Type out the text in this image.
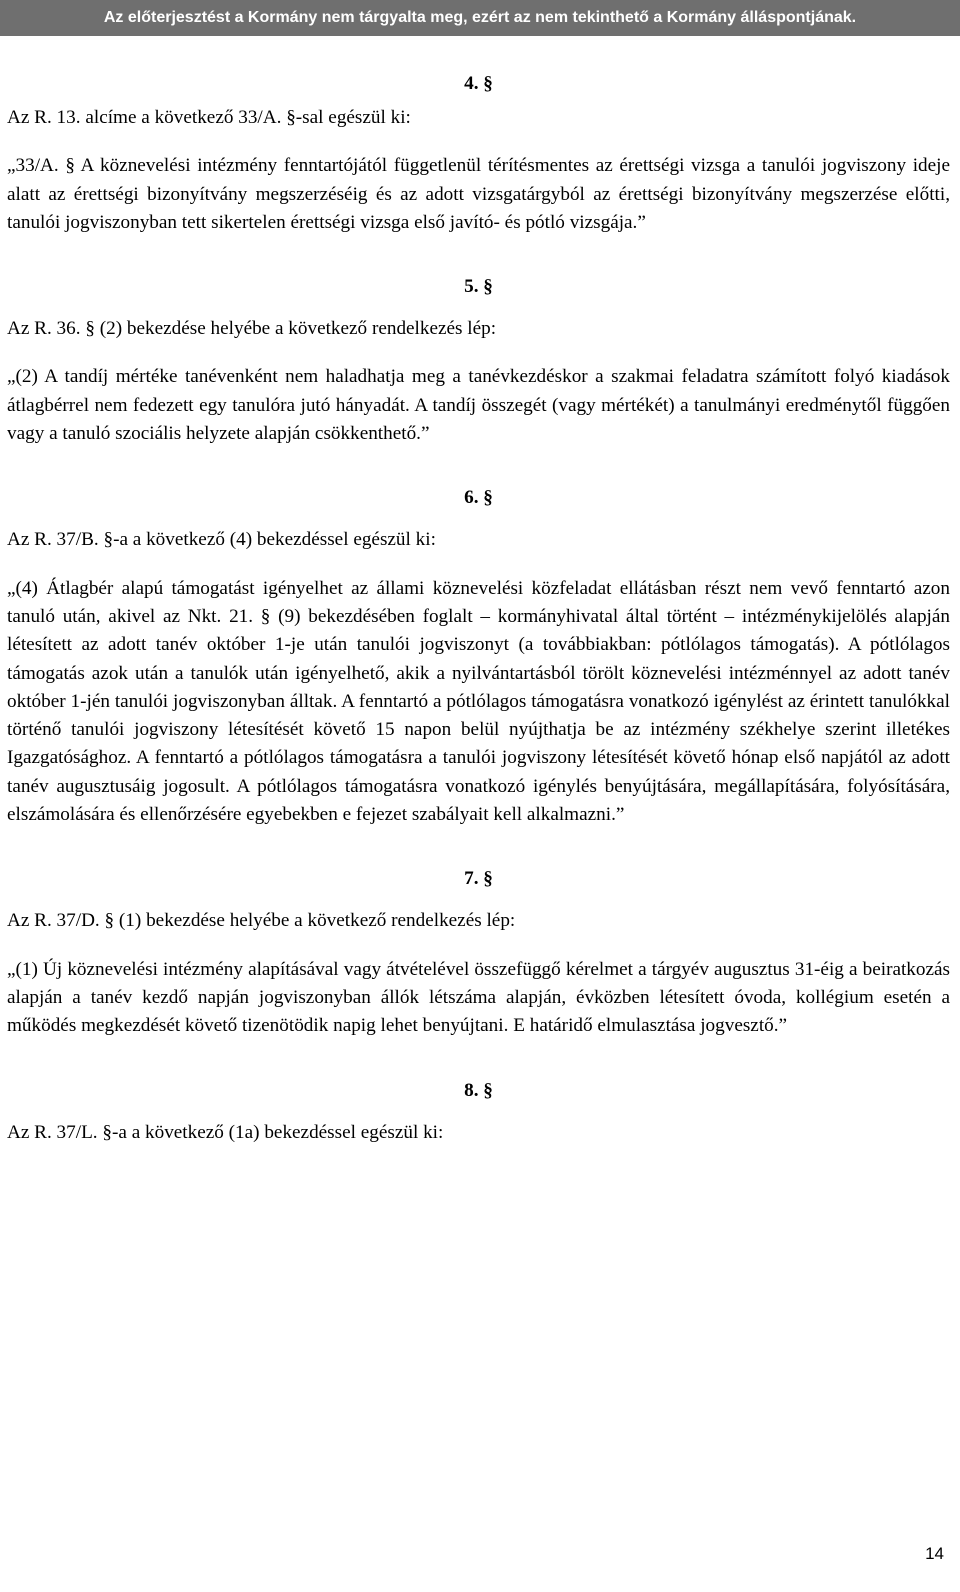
Az előterjesztést a Kormány nem tárgyalta meg, ezért az nem tekinthető a Kormány álláspontjának.
4. §

Az R. 13. alcíme a következő 33/A. §-sal egészül ki:

„33/A. § A köznevelési intézmény fenntartójától függetlenül térítésmentes az érettségi vizsga a tanulói jogviszony ideje alatt az érettségi bizonyítvány megszerzéséig és az adott vizsgatárgyból az érettségi bizonyítvány megszerzése előtti, tanulói jogviszonyban tett sikertelen érettségi vizsga első javító- és pótló vizsgája.”

5. §

Az R. 36. § (2) bekezdése helyébe a következő rendelkezés lép:

„(2) A tandíj mértéke tanévenként nem haladhatja meg a tanévkezdéskor a szakmai feladatra számított folyó kiadások átlagbérrel nem fedezett egy tanulóra jutó hányadát. A tandíj összegét (vagy mértékét) a tanulmányi eredménytől függően vagy a tanuló szociális helyzete alapján csökkenthető.”

6. §

Az R. 37/B. §-a a következő (4) bekezdéssel egészül ki:

„(4) Átlagbér alapú támogatást igényelhet az állami köznevelési közfeladat ellátásban részt nem vevő fenntartó azon tanuló után, akivel az Nkt. 21. § (9) bekezdésében foglalt – kormányhivatal által történt – intézménykijelölés alapján létesített az adott tanév október 1-je után tanulói jogviszonyt (a továbbiakban: pótlólagos támogatás). A pótlólagos támogatás azok után a tanulók után igényelhető, akik a nyilvántartásból törölt köznevelési intézménnyel az adott tanév október 1-jén tanulói jogviszonyban álltak. A fenntartó a pótlólagos támogatásra vonatkozó igénylést az érintett tanulókkal történő tanulói jogviszony létesítését követő 15 napon belül nyújthatja be az intézmény székhelye szerint illetékes Igazgatósághoz. A fenntartó a pótlólagos támogatásra a tanulói jogviszony létesítését követő hónap első napjától az adott tanév augusztusáig jogosult. A pótlólagos támogatásra vonatkozó igénylés benyújtására, megállapítására, folyósítására, elszámolására és ellenőrzésére egyebekben e fejezet szabályait kell alkalmazni.”

7. §

Az R. 37/D. § (1) bekezdése helyébe a következő rendelkezés lép:

„(1) Új köznevelési intézmény alapításával vagy átvételével összefüggő kérelmet a tárgyév augusztus 31-éig a beiratkozás alapján a tanév kezdő napján jogviszonyban állók létszáma alapján, évközben létesített óvoda, kollégium esetén a működés megkezdését követő tizenötödik napig lehet benyújtani. E határidő elmulasztása jogvesztő.”

8. §

Az R. 37/L. §-a a következő (1a) bekezdéssel egészül ki:

14
